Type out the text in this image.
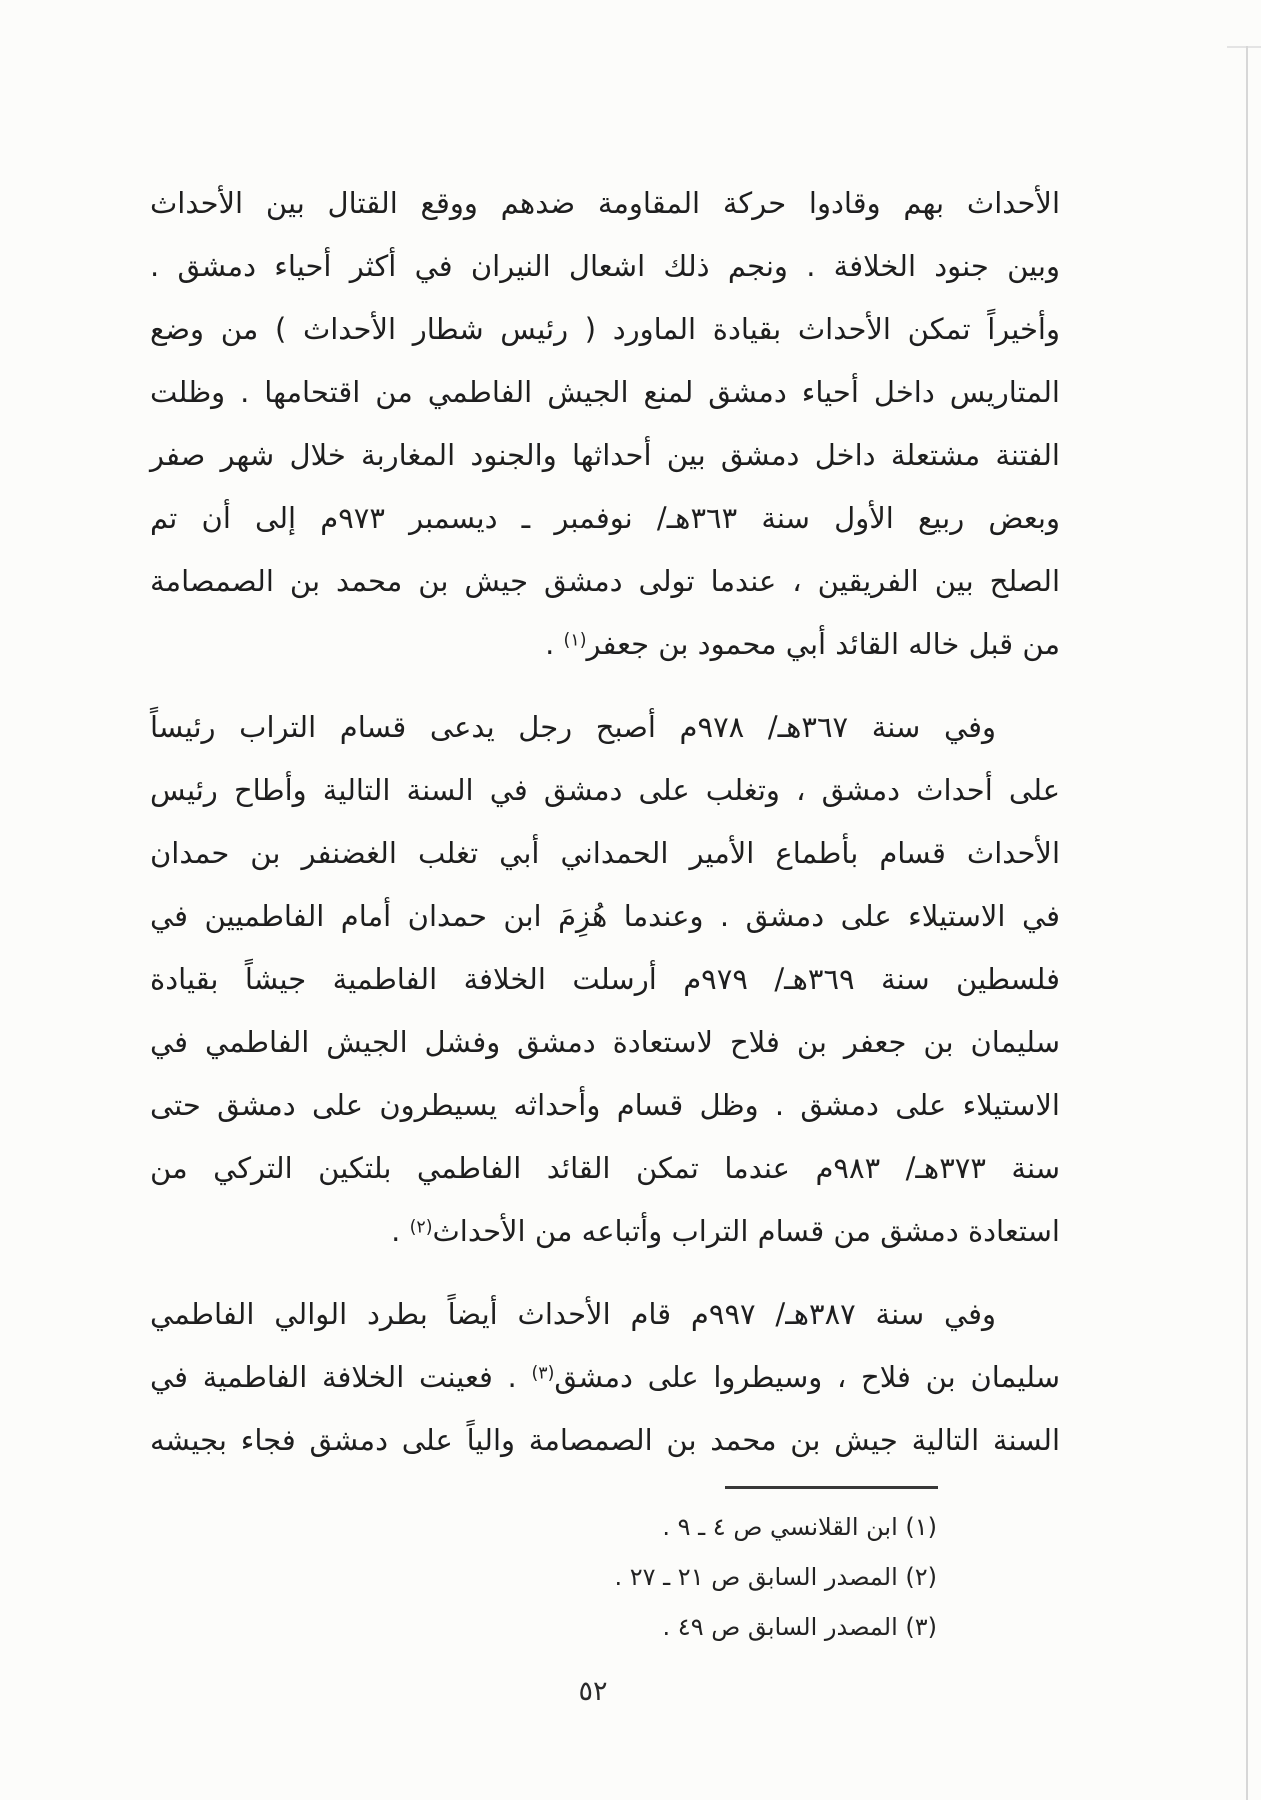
الأحداث بهم وقادوا حركة المقاومة ضدهم ووقع القتال بين الأحداث
وبين جنود الخلافة . ونجم ذلك اشعال النيران في أكثر أحياء دمشق .
وأخيراً تمكن الأحداث بقيادة الماورد ( رئيس شطار الأحداث ) من وضع
المتاريس داخل أحياء دمشق لمنع الجيش الفاطمي من اقتحامها . وظلت
الفتنة مشتعلة داخل دمشق بين أحداثها والجنود المغاربة خلال شهر صفر
وبعض ربيع الأول سنة ٣٦٣هـ/ نوفمبر ـ ديسمبر ٩٧٣م إلى أن تم
الصلح بين الفريقين ، عندما تولى دمشق جيش بن محمد بن الصمصامة
من قبل خاله القائد أبي محمود بن جعفر$^{(١)}$ .
وفي سنة ٣٦٧هـ/ ٩٧٨م أصبح رجل يدعى قسام التراب رئيساً
على أحداث دمشق ، وتغلب على دمشق في السنة التالية وأطاح رئيس
الأحداث قسام بأطماع الأمير الحمداني أبي تغلب الغضنفر بن حمدان
في الاستيلاء على دمشق . وعندما هُزِمَ ابن حمدان أمام الفاطميين في
فلسطين سنة ٣٦٩هـ/ ٩٧٩م أرسلت الخلافة الفاطمية جيشاً بقيادة
سليمان بن جعفر بن فلاح لاستعادة دمشق وفشل الجيش الفاطمي في
الاستيلاء على دمشق . وظل قسام وأحداثه يسيطرون على دمشق حتى
سنة ٣٧٣هـ/ ٩٨٣م عندما تمكن القائد الفاطمي بلتكين التركي من
استعادة دمشق من قسام التراب وأتباعه من الأحداث$^{(٢)}$ .
وفي سنة ٣٨٧هـ/ ٩٩٧م قام الأحداث أيضاً بطرد الوالي الفاطمي
سليمان بن فلاح ، وسيطروا على دمشق$^{(٣)}$ . فعينت الخلافة الفاطمية في
السنة التالية جيش بن محمد بن الصمصامة والياً على دمشق فجاء بجيشه
(١) ابن القلانسي ص ٤ ـ ٩ .
(٢) المصدر السابق ص ٢١ ـ ٢٧ .
(٣) المصدر السابق ص ٤٩ .
٥٢
